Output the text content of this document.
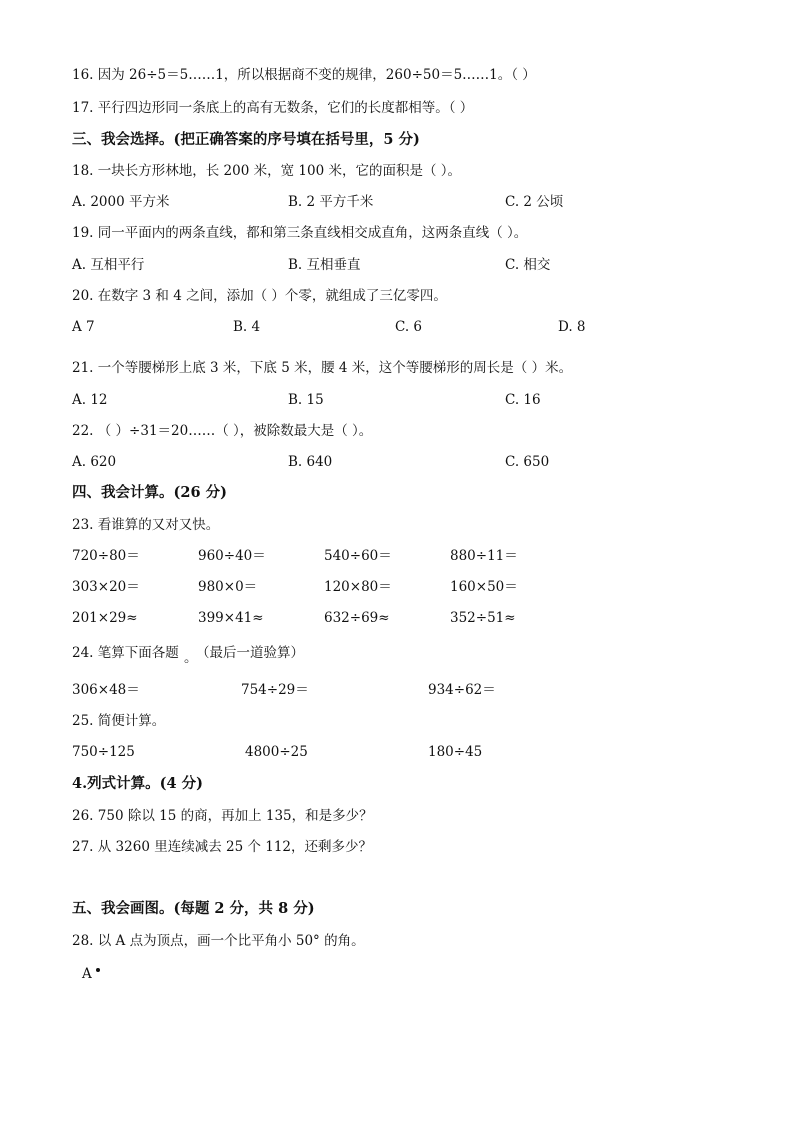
16. 因为 26÷5＝5……1，所以根据商不变的规律，260÷50＝5……1。（ ）
17. 平行四边形同一条底上的高有无数条，它们的长度都相等。（ ）
三、我会选择。(把正确答案的序号填在括号里，5 分)
18. 一块长方形林地，长 200 米，宽 100 米，它的面积是（ ）。
A. 2000 平方米	B. 2 平方千米	C. 2 公顷
19. 同一平面内的两条直线，都和第三条直线相交成直角，这两条直线（ ）。
A. 互相平行	B. 互相垂直	C. 相交
20. 在数字 3 和 4 之间，添加（ ）个零，就组成了三亿零四。
A 7	B. 4	C. 6	D. 8
21. 一个等腰梯形上底 3 米，下底 5 米，腰 4 米，这个等腰梯形的周长是（ ）米。
A. 12	B. 15	C. 16
22. （ ）÷31＝20……（ ），被除数最大是（ ）。
A. 620	B. 640	C. 650
四、我会计算。(26 分)
23. 看谁算的又对又快。
720÷80＝	960÷40＝	540÷60＝	880÷11＝
303×20＝	980×0＝	120×80＝	160×50＝
201×29≈	399×41≈	632÷69≈	352÷51≈
24. 笔算下面各题 。
（最后一道验算）
306×48＝	754÷29＝	934÷62＝
25. 简便计算。
750÷125	4800÷25	180÷45
4.列式计算。(4 分)
26. 750 除以 15 的商，再加上 135，和是多少？
27. 从 3260 里连续减去 25 个 112，还剩多少？
五、我会画图。(每题 2 分，共 8 分)
28. 以 A 点为顶点，画一个比平角小 50° 的角。
A
